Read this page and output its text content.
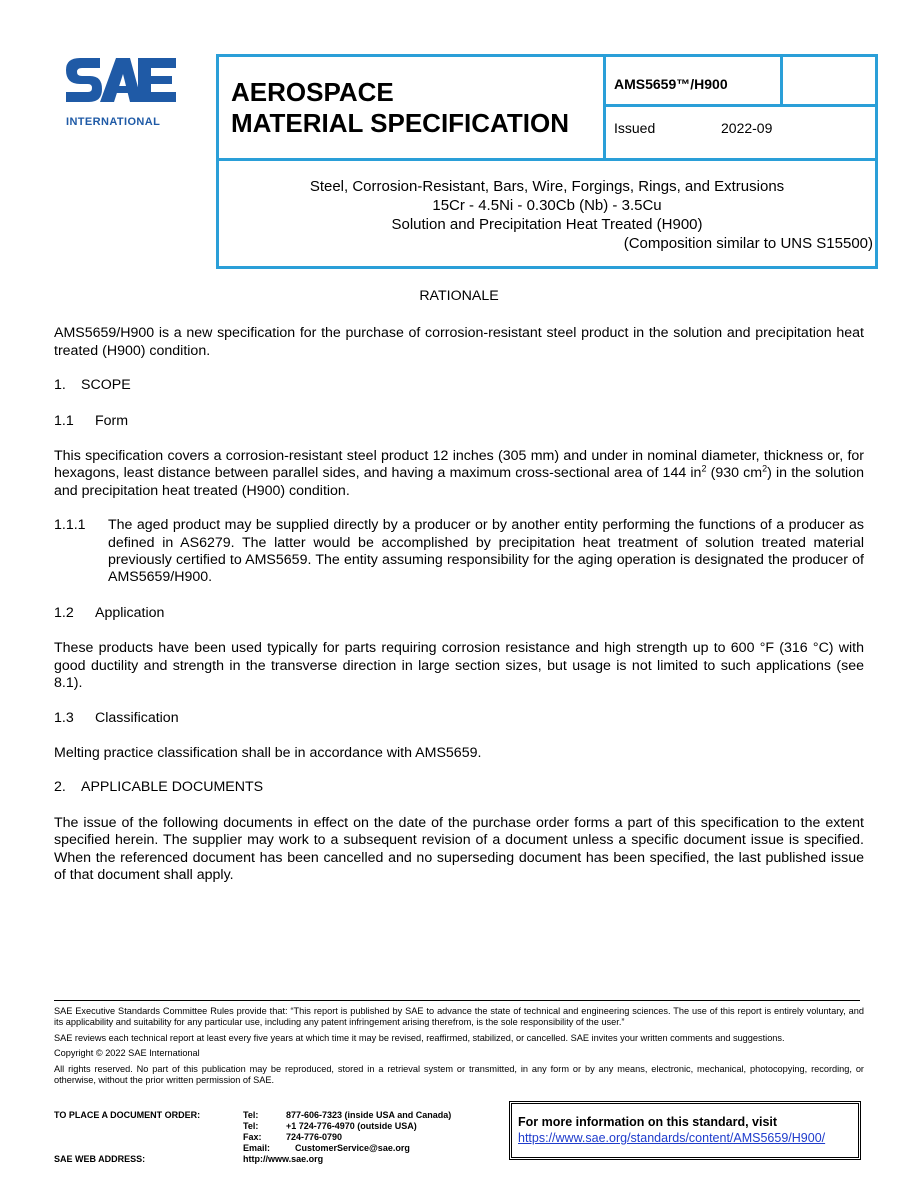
INTERNATIONAL
AEROSPACE
MATERIAL SPECIFICATION
AMS5659™/H900
Issued	2022-09
Steel, Corrosion-Resistant, Bars, Wire, Forgings, Rings, and Extrusions
15Cr - 4.5Ni - 0.30Cb (Nb) - 3.5Cu
Solution and Precipitation Heat Treated (H900)
(Composition similar to UNS S15500)

RATIONALE

AMS5659/H900 is a new specification for the purchase of corrosion-resistant steel product in the solution and precipitation heat treated (H900) condition.

1. SCOPE

1.1 Form

This specification covers a corrosion-resistant steel product 12 inches (305 mm) and under in nominal diameter, thickness or, for hexagons, least distance between parallel sides, and having a maximum cross-sectional area of 144 $in^2$ (930 $cm^2$) in the solution and precipitation heat treated (H900) condition.

1.1.1 The aged product may be supplied directly by a producer or by another entity performing the functions of a producer as defined in AS6279. The latter would be accomplished by precipitation heat treatment of solution treated material previously certified to AMS5659. The entity assuming responsibility for the aging operation is designated the producer of AMS5659/H900.

1.2 Application

These products have been used typically for parts requiring corrosion resistance and high strength up to 600 °F (316 °C) with good ductility and strength in the transverse direction in large section sizes, but usage is not limited to such applications (see 8.1).

1.3 Classification

Melting practice classification shall be in accordance with AMS5659.

2. APPLICABLE DOCUMENTS

The issue of the following documents in effect on the date of the purchase order forms a part of this specification to the extent specified herein. The supplier may work to a subsequent revision of a document unless a specific document issue is specified. When the referenced document has been cancelled and no superseding document has been specified, the last published issue of that document shall apply.

SAE Executive Standards Committee Rules provide that: “This report is published by SAE to advance the state of technical and engineering sciences. The use of this report is entirely voluntary, and its applicability and suitability for any particular use, including any patent infringement arising therefrom, is the sole responsibility of the user.”

SAE reviews each technical report at least every five years at which time it may be revised, reaffirmed, stabilized, or cancelled. SAE invites your written comments and suggestions.

Copyright © 2022 SAE International

All rights reserved. No part of this publication may be reproduced, stored in a retrieval system or transmitted, in any form or by any means, electronic, mechanical, photocopying, recording, or otherwise, without the prior written permission of SAE.

TO PLACE A DOCUMENT ORDER:	Tel:	877-606-7323 (inside USA and Canada)
Tel:	+1 724-776-4970 (outside USA)
Fax:	724-776-0790
Email:	CustomerService@sae.org
SAE WEB ADDRESS:	http://www.sae.org
For more information on this standard, visit
https://www.sae.org/standards/content/AMS5659/H900/
